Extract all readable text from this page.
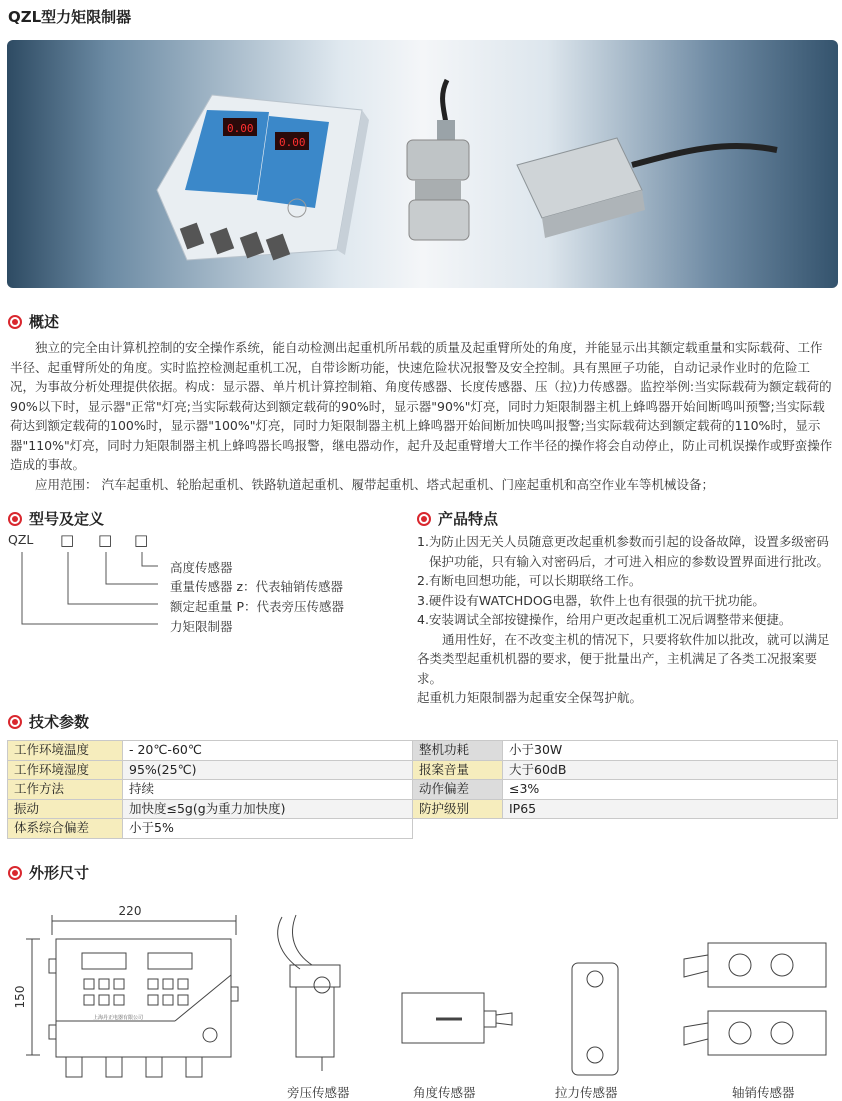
QZL型力矩限制器
0.00
0.00
概述

独立的完全由计算机控制的安全操作系统，能自动检测出起重机所吊载的质量及起重臂所处的角度，并能显示出其额定载重量和实际载荷、工作半径、起重臂所处的角度。实时监控检测起重机工况，自带诊断功能，快速危险状况报警及安全控制。具有黑匣子功能，自动记录作业时的危险工况，为事故分析处理提供依据。构成：显示器、单片机计算控制箱、角度传感器、长度传感器、压（拉)力传感器。监控举例:当实际载荷为额定载荷的90%以下时，显示器"正常"灯亮;当实际载荷达到额定载荷的90%时，显示器"90%"灯亮，同时力矩限制器主机上蜂鸣器开始间断鸣叫预警;当实际载荷达到额定载荷的100%时，显示器"100%"灯亮，同时力矩限制器主机上蜂鸣器开始间断加快鸣叫报警;当实际载荷达到额定载荷的110%时，显示器"110%"灯亮，同时力矩限制器主机上蜂鸣器长鸣报警，继电器动作，起升及起重臂增大工作半径的操作将会自动停止，防止司机误操作或野蛮操作造成的事故。

应用范围： 汽车起重机、轮胎起重机、铁路轨道起重机、履带起重机、塔式起重机、门座起重机和高空作业车等机械设备；

型号及定义
QZL □ □ □
高度传感器
重量传感器 z：代表轴销传感器
额定起重量 P：代表旁压传感器
力矩限制器
产品特点
1.为防止因无关人员随意更改起重机参数而引起的设备故障，设置多级密码保护功能，只有输入对密码后，才可进入相应的参数设置界面进行批改。
2.有断电回想功能，可以长期联络工作。
3.硬件设有WATCHDOG电器，软件上也有很强的抗干扰功能。
4.安装调试全部按键操作，给用户更改起重机工况后调整带来便捷。
通用性好，在不改变主机的情况下，只要将软件加以批改，就可以满足各类类型起重机机器的要求，便于批量出产，主机满足了各类工况报案要求。
起重机力矩限制器为起重安全保驾护航。
技术参数
工作环境温度	- 20℃-60℃	整机功耗	小于30W
工作环境湿度	95%(25℃)	报案音量	大于60dB
工作方法	持续	动作偏差	≤3%
振动	加快度≤5g(g为重力加快度)	防护级别	IP65
体系综合偏差	小于5%		
外形尺寸
220
150
上海丹正电器有限公司
旁压传感器	角度传感器	拉力传感器	轴销传感器
